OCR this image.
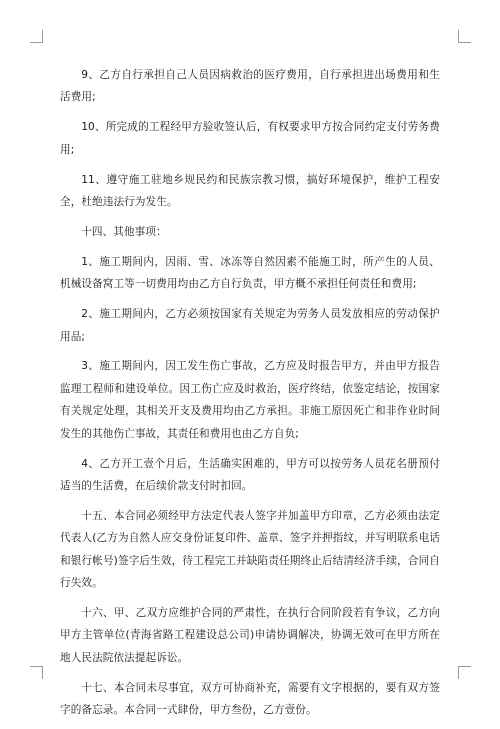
9、乙方自行承担自己人员因病救治的医疗费用，自行承担进出场费用和生活费用;

10、所完成的工程经甲方验收签认后，有权要求甲方按合同约定支付劳务费用;

11、遵守施工驻地乡规民约和民族宗教习惯，搞好环境保护，维护工程安全，杜绝违法行为发生。

十四、其他事项：

1、施工期间内，因雨、雪、冰冻等自然因素不能施工时，所产生的人员、机械设备窝工等一切费用均由乙方自行负责，甲方概不承担任何责任和费用;

2、施工期间内，乙方必须按国家有关规定为劳务人员发放相应的劳动保护用品;

3、施工期间内，因工发生伤亡事故，乙方应及时报告甲方，并由甲方报告监理工程师和建设单位。因工伤亡应及时救治，医疗终结，依鉴定结论，按国家有关规定处理，其相关开支及费用均由乙方承担。非施工原因死亡和非作业时间发生的其他伤亡事故，其责任和费用也由乙方自负;

4、乙方开工壹个月后，生活确实困难的，甲方可以按劳务人员花名册预付适当的生活费，在后续价款支付时扣回。

十五、本合同必须经甲方法定代表人签字并加盖甲方印章，乙方必须由法定代表人(乙方为自然人应交身份证复印件、盖章、签字并押指纹，并写明联系电话和银行帐号)签字后生效，待工程完工并缺陷责任期终止后结清经济手续，合同自行失效。

十六、甲、乙双方应维护合同的严肃性，在执行合同阶段若有争议，乙方向甲方主管单位(青海省路工程建设总公司)申请协调解决，协调无效可在甲方所在地人民法院依法提起诉讼。

十七、本合同未尽事宜，双方可协商补充，需要有文字根据的，要有双方签字的备忘录。本合同一式肆份，甲方叁份，乙方壹份。
